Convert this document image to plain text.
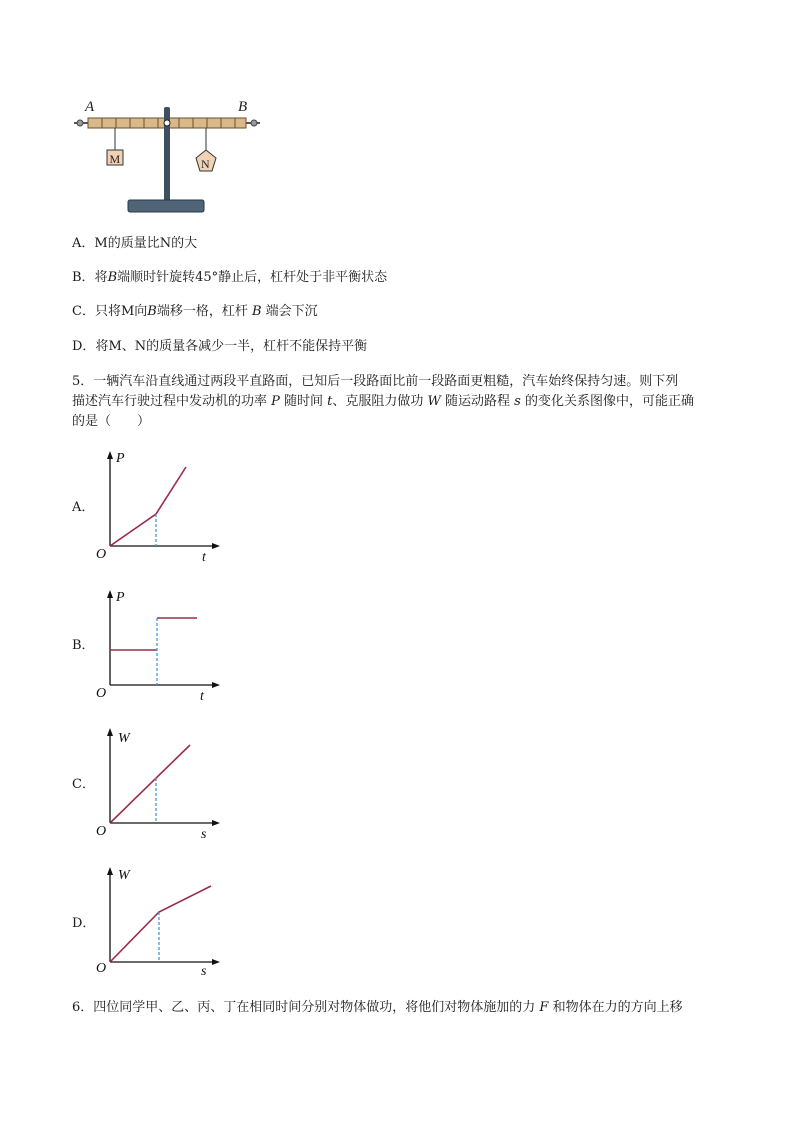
A	B
M	N
A．M的质量比N的大
B．将B端顺时针旋转45°静止后，杠杆处于非平衡状态
C．只将M向B端移一格，杠杆 B 端会下沉
D．将M、N的质量各减少一半，杠杆不能保持平衡
5．一辆汽车沿直线通过两段平直路面，已知后一段路面比前一段路面更粗糙，汽车始终保持匀速。则下列
描述汽车行驶过程中发动机的功率 P 随时间 t、克服阻力做功 W 随运动路程 s 的变化关系图像中，可能正确
的是（　　）
A．
P
t
O
B．
P
t
O
C．
W
s
O
D．
W
s
O
6．四位同学甲、乙、丙、丁在相同时间分别对物体做功，将他们对物体施加的力 F 和物体在力的方向上移
